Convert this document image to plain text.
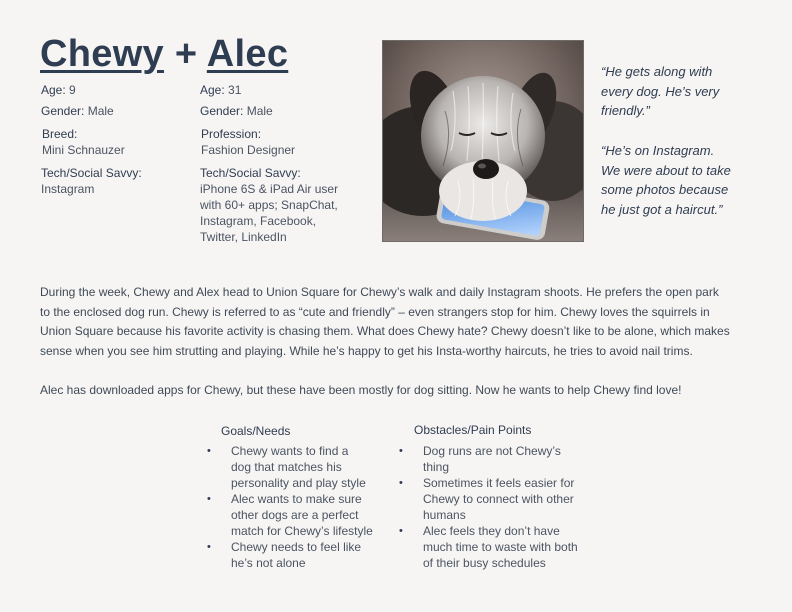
Chewy + Alec
Age: 9
Gender: Male
Breed:
Mini Schnauzer
Tech/Social Savvy:
Instagram
Age: 31
Gender: Male
Profession:
Fashion Designer
Tech/Social Savvy:
iPhone 6S & iPad Air user
with 60+ apps; SnapChat,
Instagram, Facebook,
Twitter, LinkedIn
“He gets along with
every dog. He’s very
friendly.”
“He’s on Instagram.
We were about to take
some photos because
he just got a haircut.”
During the week, Chewy and Alex head to Union Square for Chewy’s walk and daily Instagram shoots. He prefers the open park
to the enclosed dog run. Chewy is referred to as “cute and friendly” – even strangers stop for him. Chewy loves the squirrels in
Union Square because his favorite activity is chasing them. What does Chewy hate? Chewy doesn’t like to be alone, which makes
sense when you see him strutting and playing. While he’s happy to get his Insta-worthy haircuts, he tries to avoid nail trims.
Alec has downloaded apps for Chewy, but these have been mostly for dog sitting. Now he wants to help Chewy find love!
Goals/Needs
• Chewy wants to find a
dog that matches his
personality and play style
• Alec wants to make sure
other dogs are a perfect
match for Chewy’s lifestyle
• Chewy needs to feel like
he’s not alone
Obstacles/Pain Points
• Dog runs are not Chewy’s
thing
• Sometimes it feels easier for
Chewy to connect with other
humans
• Alec feels they don’t have
much time to waste with both
of their busy schedules
